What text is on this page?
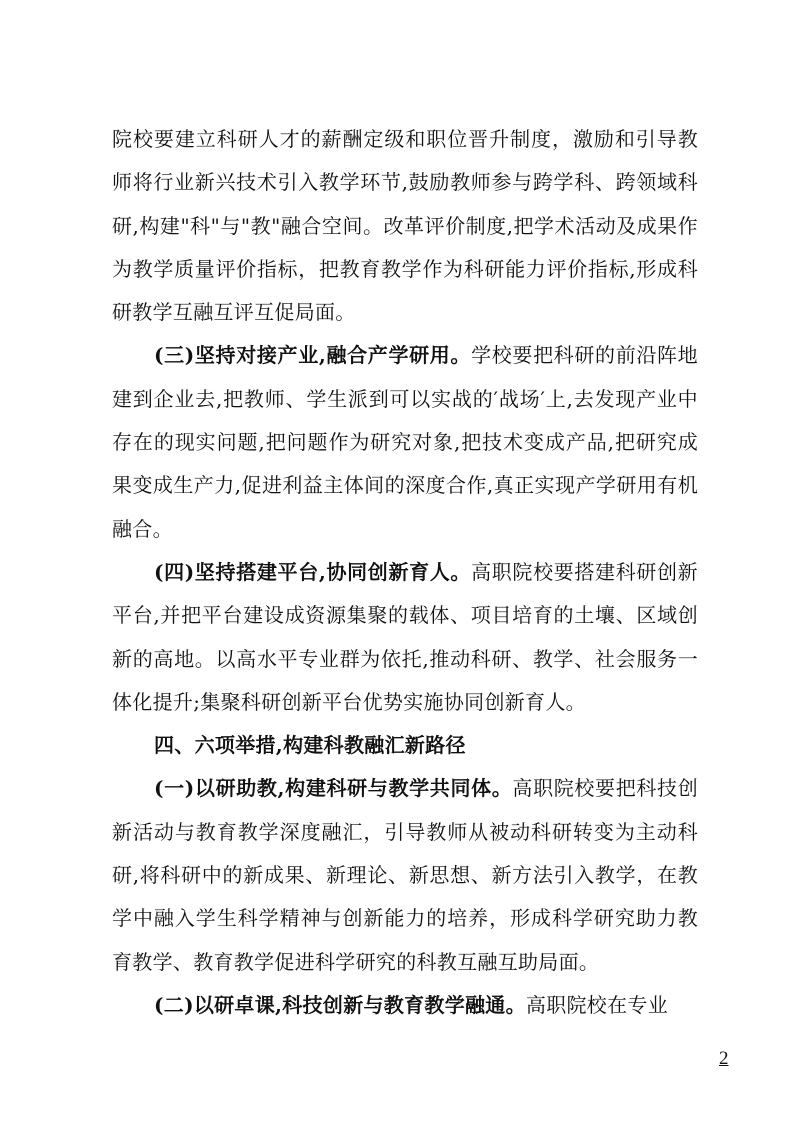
院校要建立科研人才的薪酬定级和职位晋升制度，激励和引导教师将行业新兴技术引入教学环节,鼓励教师参与跨学科、跨领域科研,构建"科"与"教"融合空间。改革评价制度,把学术活动及成果作为教学质量评价指标，把教育教学作为科研能力评价指标,形成科研教学互融互评互促局面。

(三)坚持对接产业,融合产学研用。学校要把科研的前沿阵地建到企业去,把教师、学生派到可以实战的′战场′上,去发现产业中存在的现实问题,把问题作为研究对象,把技术变成产品,把研究成果变成生产力,促进利益主体间的深度合作,真正实现产学研用有机融合。

(四)坚持搭建平台,协同创新育人。高职院校要搭建科研创新平台,并把平台建设成资源集聚的载体、项目培育的土壤、区域创新的高地。以高水平专业群为依托,推动科研、教学、社会服务一体化提升;集聚科研创新平台优势实施协同创新育人。

四、六项举措,构建科教融汇新路径

(一)以研助教,构建科研与教学共同体。高职院校要把科技创新活动与教育教学深度融汇，引导教师从被动科研转变为主动科研,将科研中的新成果、新理论、新思想、新方法引入教学，在教学中融入学生科学精神与创新能力的培养，形成科学研究助力教育教学、教育教学促进科学研究的科教互融互助局面。

(二)以研卓课,科技创新与教育教学融通。高职院校在专业

2
